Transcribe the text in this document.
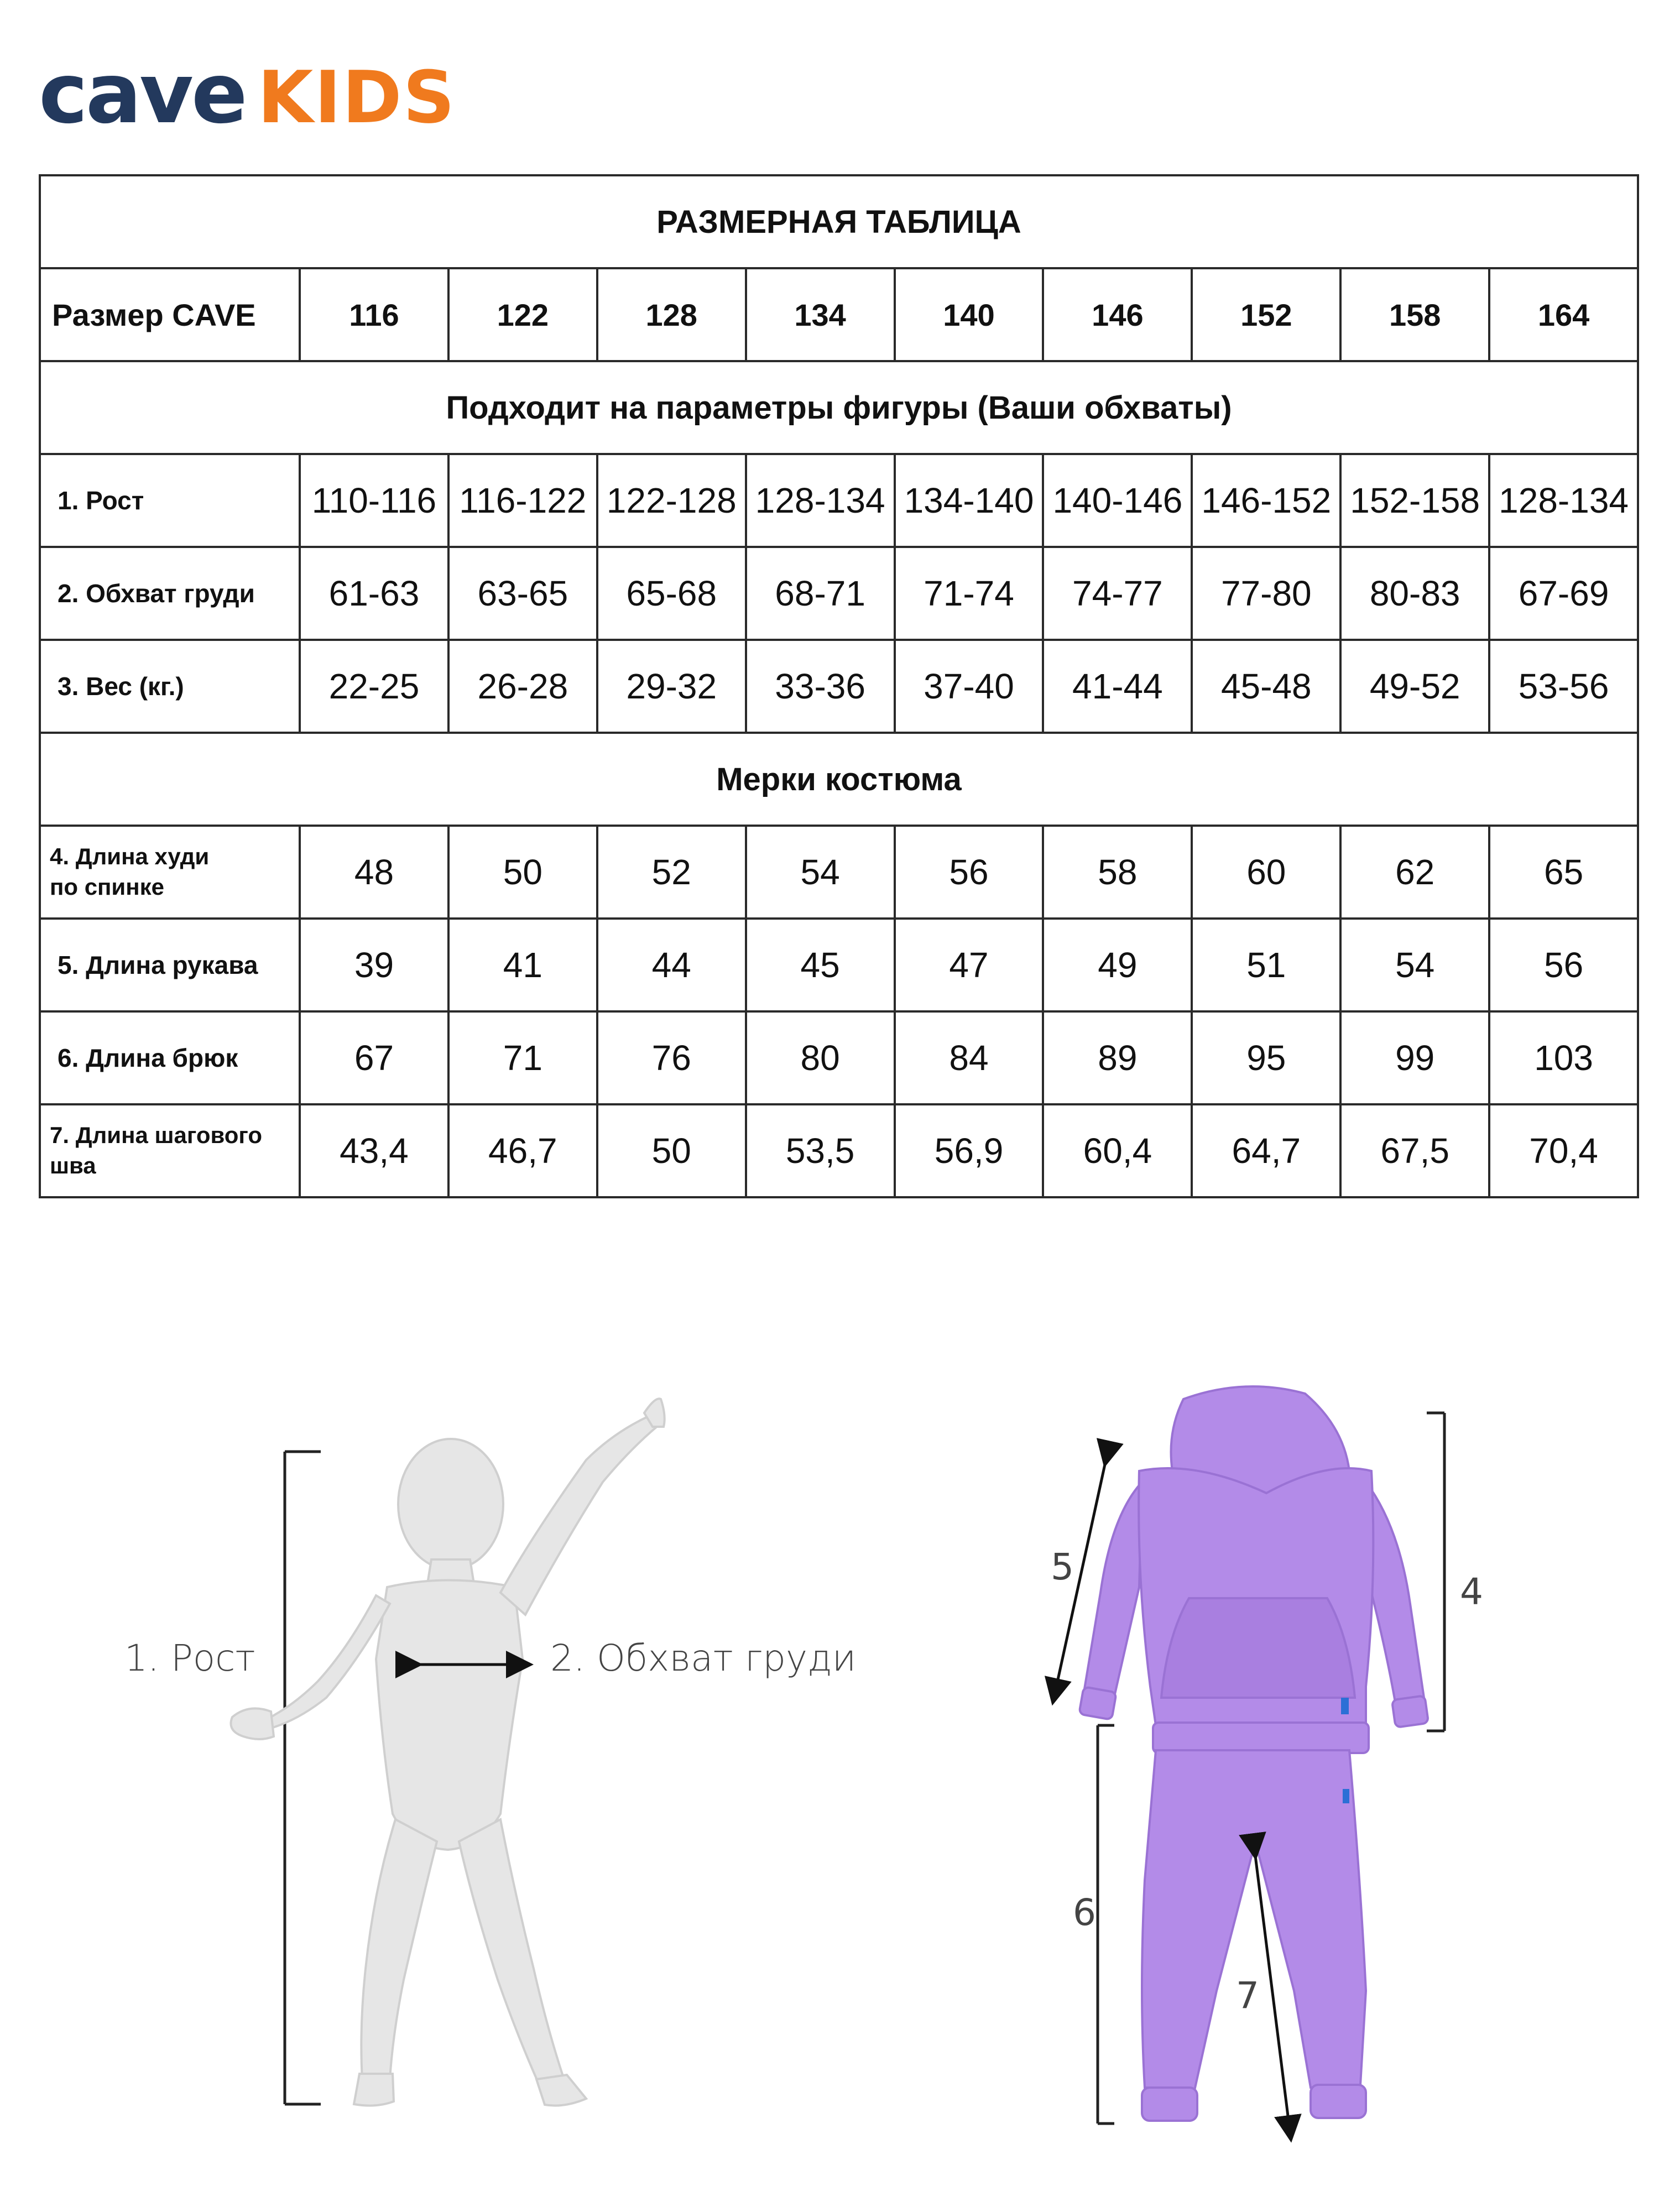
cave KIDS
РАЗМЕРНАЯ ТАБЛИЦА									
Размер CAVE	116	122	128	134	140	146	152	158	164
Подходит на параметры фигуры (Ваши обхваты)									
1. Рост	110-116	116-122	122-128	128-134	134-140	140-146	146-152	152-158	128-134
2. Обхват груди	61-63	63-65	65-68	68-71	71-74	74-77	77-80	80-83	67-69
3. Вес (кг.)	22-25	26-28	29-32	33-36	37-40	41-44	45-48	49-52	53-56
Мерки костюма									
4. Длина худи
по спинке	48	50	52	54	56	58	60	62	65
5. Длина рукава	39	41	44	45	47	49	51	54	56
6. Длина брюк	67	71	76	80	84	89	95	99	103
7. Длина шагового
шва	43,4	46,7	50	53,5	56,9	60,4	64,7	67,5	70,4
1. Рост	2. Обхват груди
5
4
6
7
